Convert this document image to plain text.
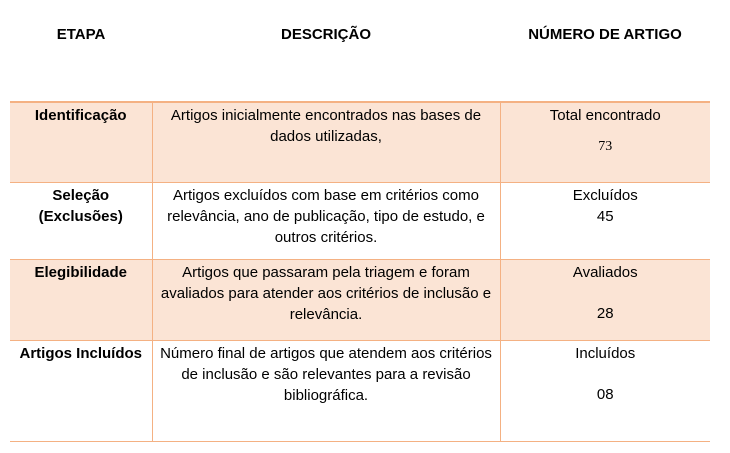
ETAPA	DESCRIÇÃO	NÚMERO DE ARTIGO
Identificação	Artigos inicialmente encontrados nas bases de dados utilizadas,	Total encontrado
73

Seleção (Exclusões)	Artigos excluídos com base em critérios como relevância, ano de publicação, tipo de estudo, e outros critérios.	Excluídos
45

Elegibilidade	Artigos que passaram pela triagem e foram avaliados para atender aos critérios de inclusão e relevância.	Avaliados
28

Artigos Incluídos	Número final de artigos que atendem aos critérios de inclusão e são relevantes para a revisão bibliográfica.	Incluídos
08
